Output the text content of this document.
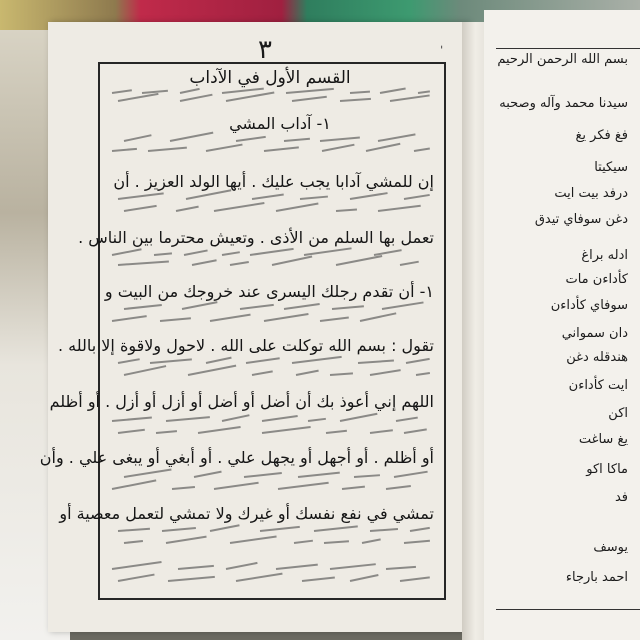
٣	ˈ
القسم الأول في الآداب
١- آداب المشي
إن للمشي آدابا يجب عليك . أيها الولد العزيز . أن
تعمل بها السلم من الأذى . وتعيش محترما بين الناس .
١- أن تقدم رجلك اليسرى عند خروجك من البيت و
تقول : بسم الله توكلت على الله . لاحول ولاقوة إلا بالله .
اللهم إني أعوذ بك أن أضل أو أضل أو أزل أو أزل . أو أظلم
أو أظلم . أو أجهل أو يجهل علي . أو أبغي أو يبغى علي . وأن
تمشي في نفع نفسك أو غيرك ولا تمشي لتعمل معصية أو
بسم الله الرحمن الرحيم
سيدنا محمد وآله وصحبه
فغ فكر يغ
سيكيتا
درفد بيت ايت
دغن سوفاي تيدق
ادله براغ
كأداءن مات
سوفاي كأداءن
دان سمواني
هندقله دغن
ايت كأداءن
اكن
يغ ساغت
ماكا اكو
فد
يوسف
احمد بارجاء
